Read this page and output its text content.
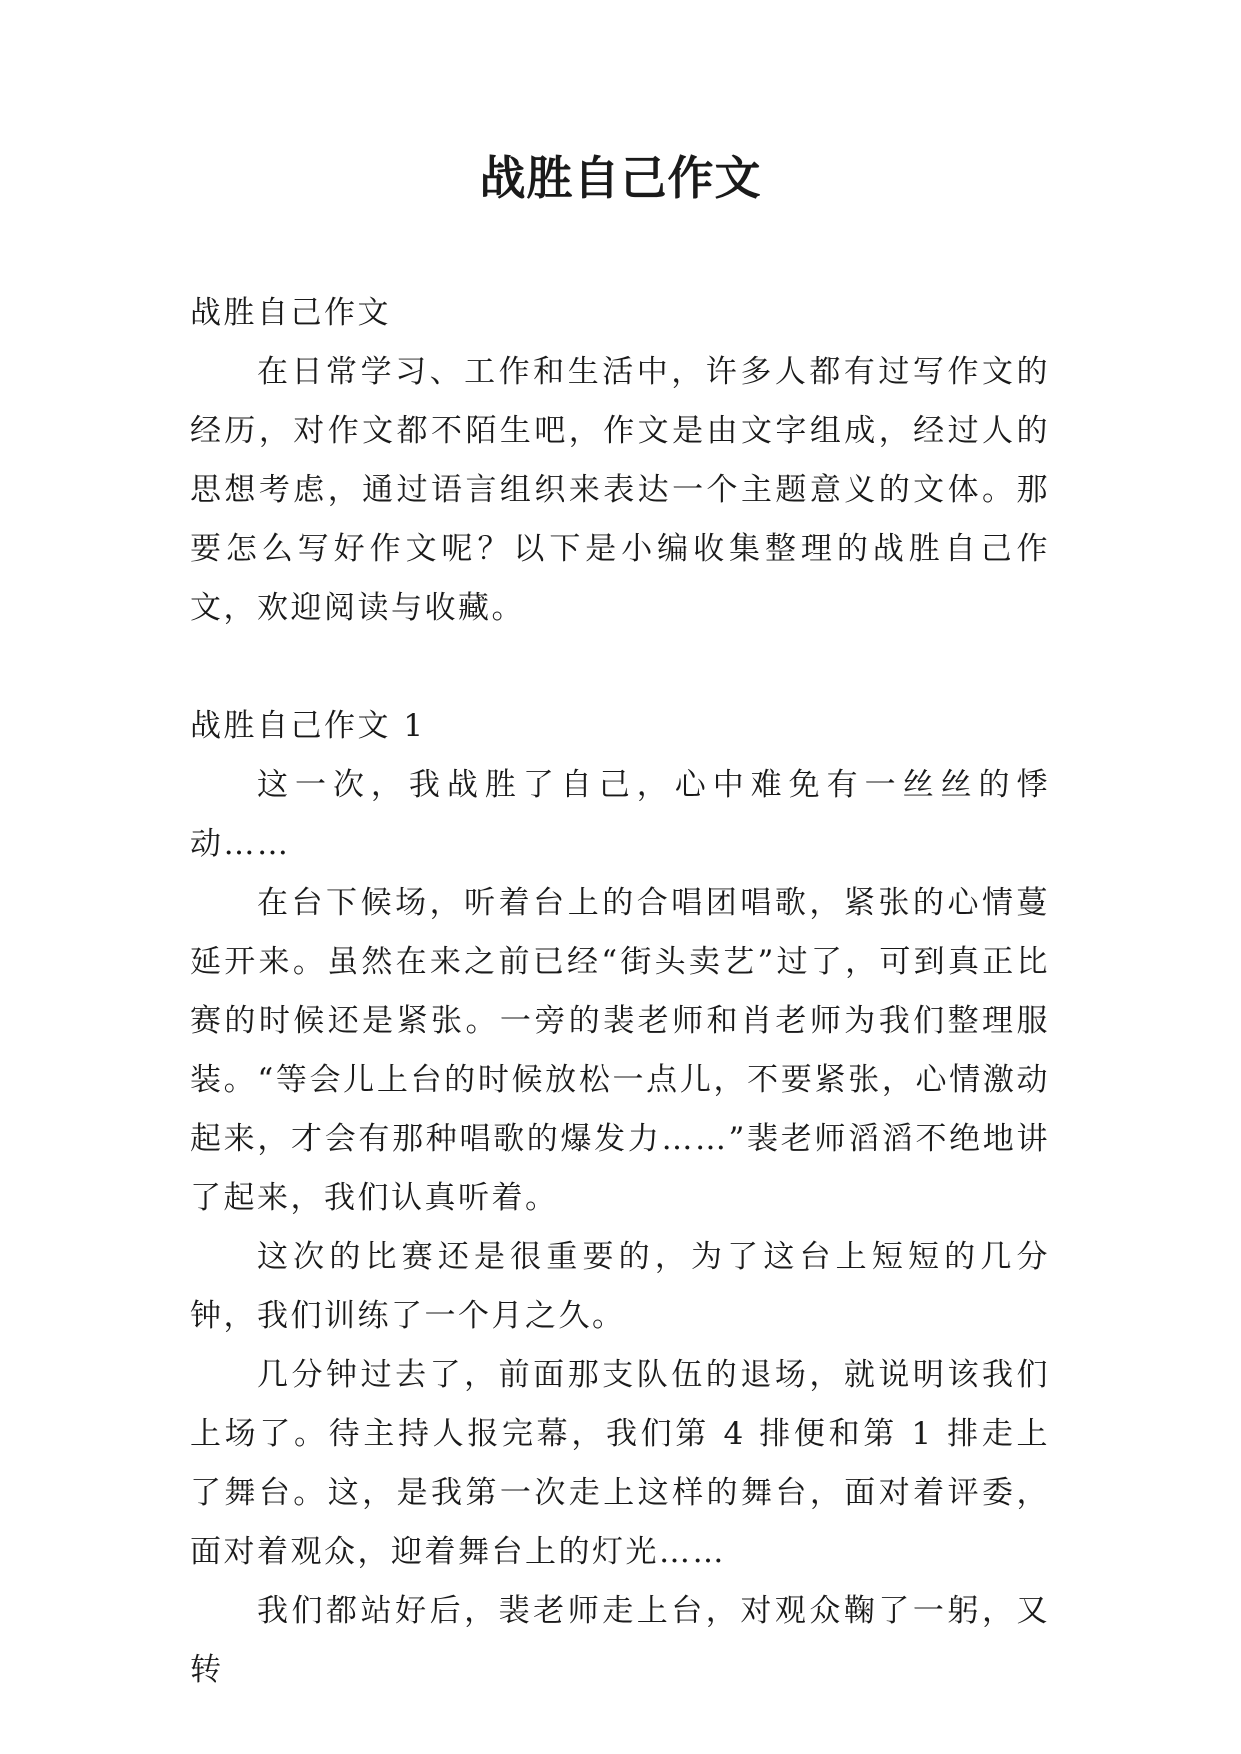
战胜自己作文

战胜自己作文

在日常学习、工作和生活中，许多人都有过写作文的经历，对作文都不陌生吧，作文是由文字组成，经过人的思想考虑，通过语言组织来表达一个主题意义的文体。那要怎么写好作文呢？以下是小编收集整理的战胜自己作文，欢迎阅读与收藏。

战胜自己作文 1

这一次，我战胜了自己，心中难免有一丝丝的悸动……

在台下候场，听着台上的合唱团唱歌，紧张的心情蔓延开来。虽然在来之前已经“街头卖艺”过了，可到真正比赛的时候还是紧张。一旁的裴老师和肖老师为我们整理服装。“等会儿上台的时候放松一点儿，不要紧张，心情激动起来，才会有那种唱歌的爆发力……”裴老师滔滔不绝地讲了起来，我们认真听着。

这次的比赛还是很重要的，为了这台上短短的几分钟，我们训练了一个月之久。

几分钟过去了，前面那支队伍的退场，就说明该我们上场了。待主持人报完幕，我们第 4 排便和第 1 排走上了舞台。这，是我第一次走上这样的舞台，面对着评委，面对着观众，迎着舞台上的灯光……

我们都站好后，裴老师走上台，对观众鞠了一躬，又转
